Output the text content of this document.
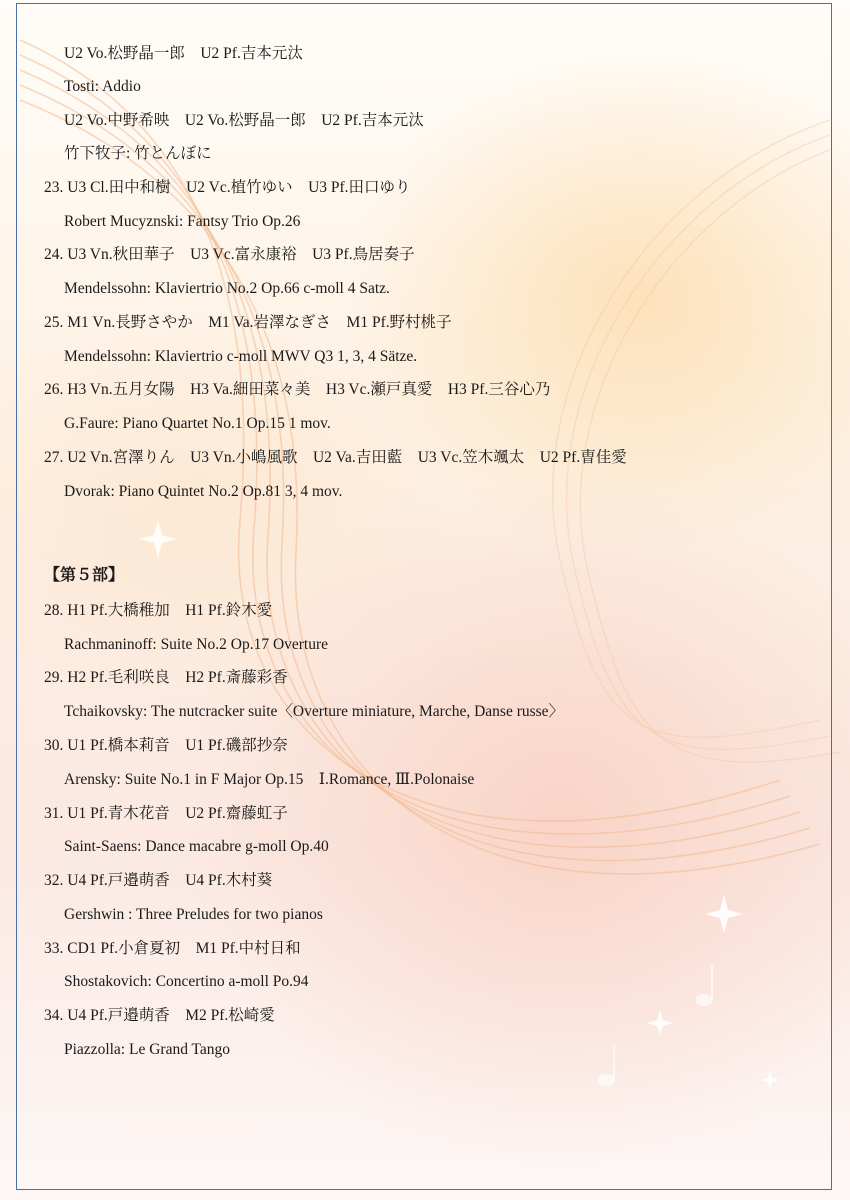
U2 Vo.松野晶一郎　U2 Pf.吉本元汰
Tosti: Addio
U2 Vo.中野希映　U2 Vo.松野晶一郎　U2 Pf.吉本元汰
竹下牧子: 竹とんぼに
23. U3 Cl.田中和樹　U2 Vc.植竹ゆい　U3 Pf.田口ゆり
Robert Mucyznski: Fantsy Trio Op.26
24. U3 Vn.秋田華子　U3 Vc.富永康裕　U3 Pf.鳥居奏子
Mendelssohn: Klaviertrio No.2 Op.66 c-moll 4 Satz.
25. M1 Vn.長野さやか　M1 Va.岩澤なぎさ　M1 Pf.野村桃子
Mendelssohn: Klaviertrio c-moll MWV Q3 1, 3, 4 Sätze.
26. H3 Vn.五月女陽　H3 Va.細田菜々美　H3 Vc.瀬戸真愛　H3 Pf.三谷心乃
G.Faure: Piano Quartet No.1 Op.15 1 mov.
27. U2 Vn.宮澤りん　U3 Vn.小嶋風歌　U2 Va.吉田藍　U3 Vc.笠木颯太　U2 Pf.曺佳愛
Dvorak: Piano Quintet No.2 Op.81 3, 4 mov.
【第５部】
28. H1 Pf.大橋稚加　H1 Pf.鈴木愛
Rachmaninoff: Suite No.2 Op.17 Overture
29. H2 Pf.毛利咲良　H2 Pf.斎藤彩香
Tchaikovsky: The nutcracker suite〈Overture miniature, Marche, Danse russe〉
30. U1 Pf.橋本莉音　U1 Pf.磯部抄奈
Arensky: Suite No.1 in F Major Op.15　Ⅰ.Romance, Ⅲ.Polonaise
31. U1 Pf.青木花音　U2 Pf.齋藤虹子
Saint-Saens: Dance macabre g-moll Op.40
32. U4 Pf.戸邉萌香　U4 Pf.木村葵
Gershwin : Three Preludes for two pianos
33. CD1 Pf.小倉夏初　M1 Pf.中村日和
Shostakovich: Concertino a-moll Po.94
34. U4 Pf.戸邉萌香　M2 Pf.松崎愛
Piazzolla: Le Grand Tango
